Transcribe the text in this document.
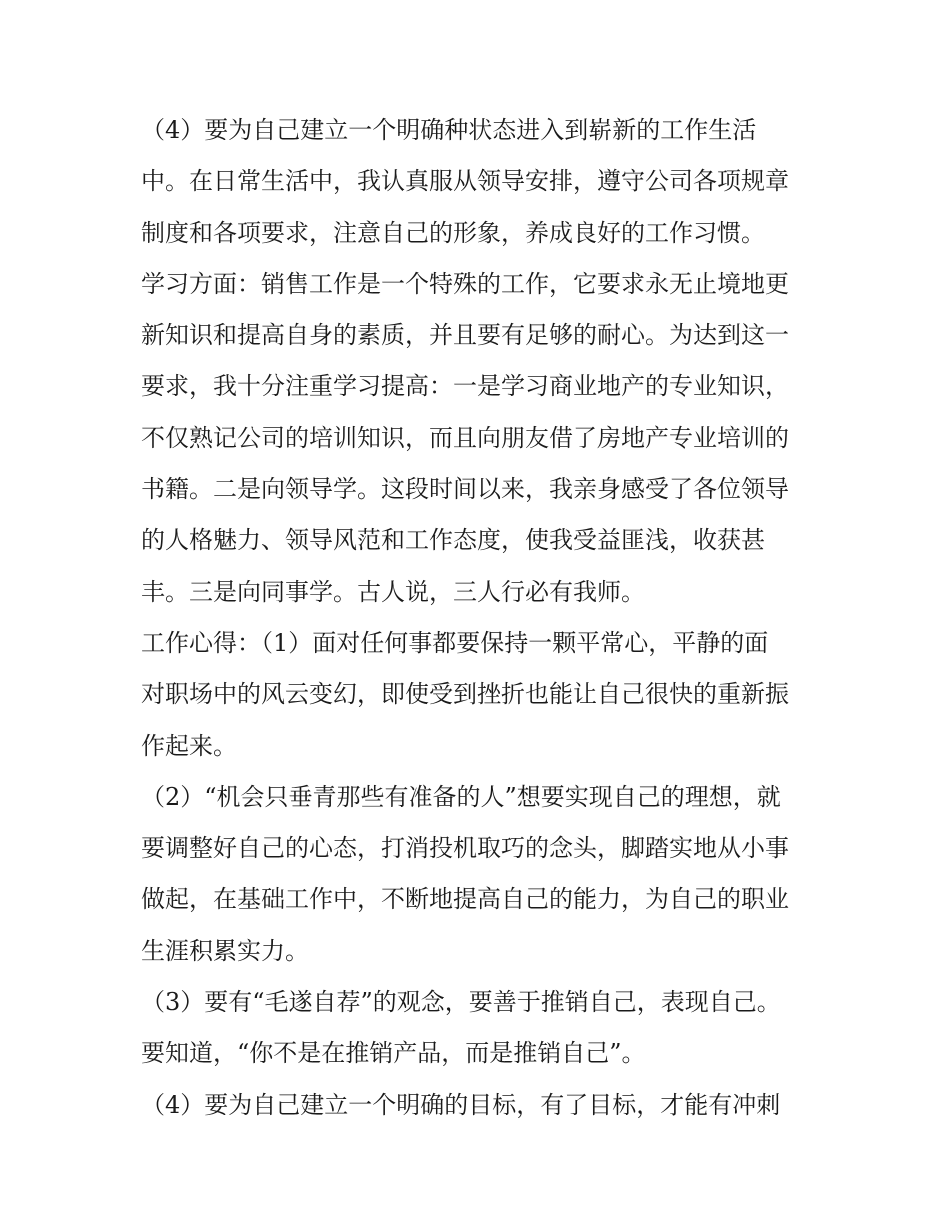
（4）要为自己建立一个明确种状态进入到崭新的工作生活
中。在日常生活中，我认真服从领导安排，遵守公司各项规章
制度和各项要求，注意自己的形象，养成良好的工作习惯。
学习方面：销售工作是一个特殊的工作，它要求永无止境地更
新知识和提高自身的素质，并且要有足够的耐心。为达到这一
要求，我十分注重学习提高：一是学习商业地产的专业知识，
不仅熟记公司的培训知识，而且向朋友借了房地产专业培训的
书籍。二是向领导学。这段时间以来，我亲身感受了各位领导
的人格魅力、领导风范和工作态度，使我受益匪浅，收获甚
丰。三是向同事学。古人说，三人行必有我师。
工作心得：（1）面对任何事都要保持一颗平常心，平静的面
对职场中的风云变幻，即使受到挫折也能让自己很快的重新振
作起来。
（2）“机会只垂青那些有准备的人”想要实现自己的理想，就
要调整好自己的心态，打消投机取巧的念头，脚踏实地从小事
做起，在基础工作中，不断地提高自己的能力，为自己的职业
生涯积累实力。
（3）要有“毛遂自荐”的观念，要善于推销自己，表现自己。
要知道，“你不是在推销产品，而是推销自己”。
（4）要为自己建立一个明确的目标，有了目标，才能有冲刺
